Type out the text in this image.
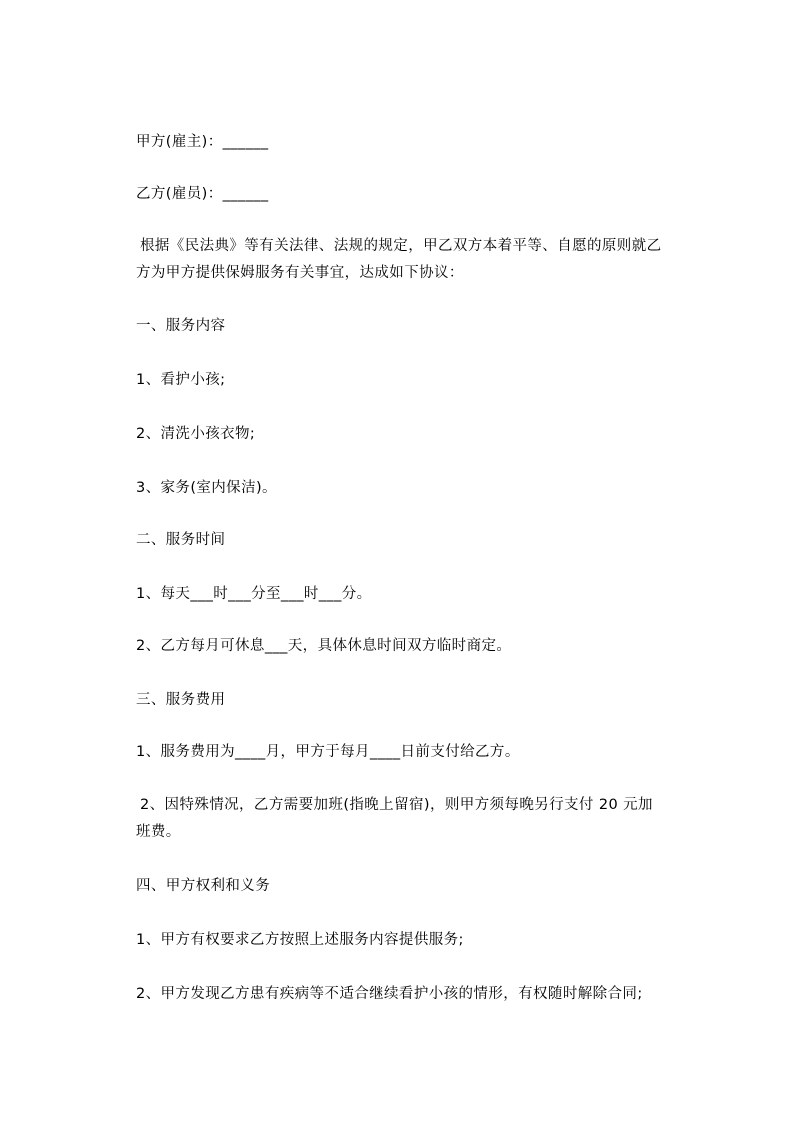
甲方(雇主)：______

乙方(雇员)：______

根据《民法典》等有关法律、法规的规定，甲乙双方本着平等、自愿的原则就乙方为甲方提供保姆服务有关事宜，达成如下协议：

一、服务内容

1、看护小孩;

2、清洗小孩衣物;

3、家务(室内保洁)。

二、服务时间

1、每天___时___分至___时___分。

2、乙方每月可休息___天，具体休息时间双方临时商定。

三、服务费用

1、服务费用为____月，甲方于每月____日前支付给乙方。

2、因特殊情况，乙方需要加班(指晚上留宿)，则甲方须每晚另行支付 20 元加班费。

四、甲方权利和义务

1、甲方有权要求乙方按照上述服务内容提供服务;

2、甲方发现乙方患有疾病等不适合继续看护小孩的情形，有权随时解除合同;
